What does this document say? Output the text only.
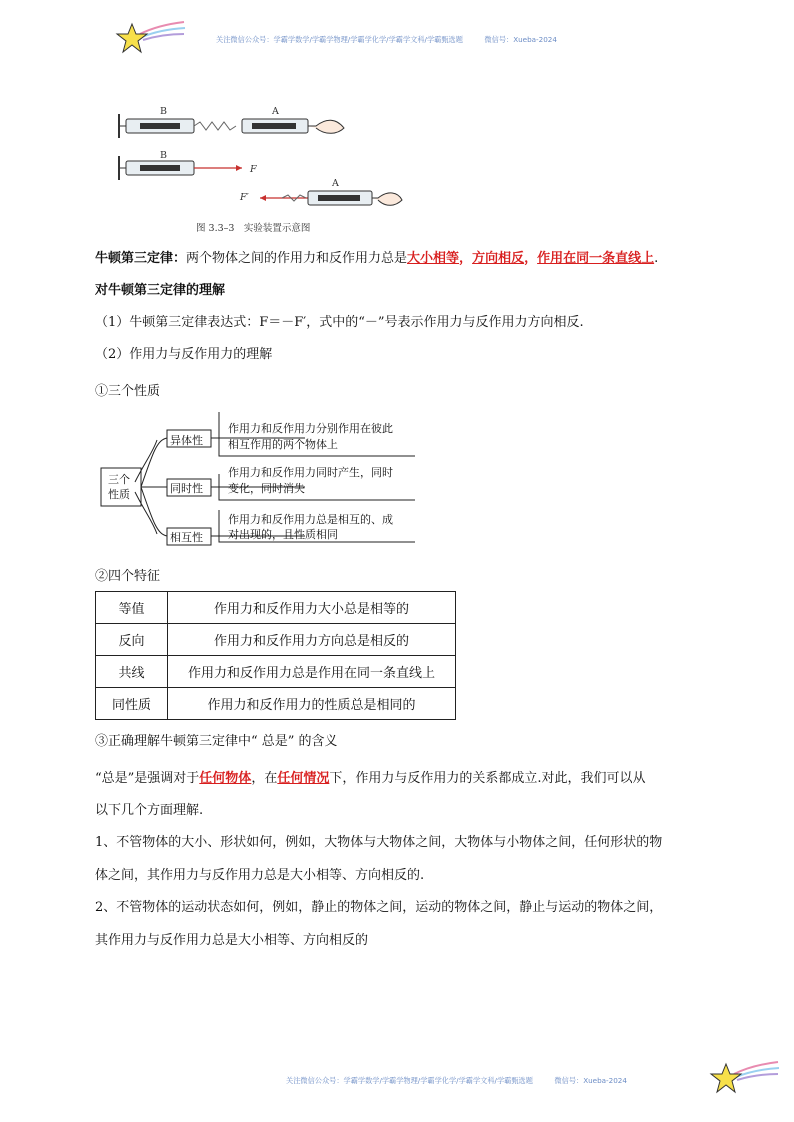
关注微信公众号：学霸学数学/学霸学物理/学霸学化学/学霸学文科/学霸甄选题　　　微信号：Xueba-2024
B	A
B
F
F′
A
图 3.3–3　实验装置示意图
牛顿第三定律：两个物体之间的作用力和反作用力总是大小相等，方向相反，作用在同一条直线上.
对牛顿第三定律的理解
（1）牛顿第三定律表达式：F＝－F′，式中的“－”号表示作用力与反作用力方向相反.
（2）作用力与反作用力的理解
①三个性质
三个
性质
异体性
作用力和反作用力分别作用在彼此
相互作用的两个物体上
同时性
作用力和反作用力同时产生，同时
变化，同时消失
相互性
作用力和反作用力总是相互的、成
对出现的，且性质相同
②四个特征
等值	作用力和反作用力大小总是相等的
反向	作用力和反作用力方向总是相反的
共线	作用力和反作用力总是作用在同一条直线上
同性质	作用力和反作用力的性质总是相同的
③正确理解牛顿第三定律中“ 总是” 的含义
“总是”是强调对于任何物体，在任何情况下，作用力与反作用力的关系都成立.对此，我们可以从
以下几个方面理解.
1、不管物体的大小、形状如何，例如，大物体与大物体之间，大物体与小物体之间，任何形状的物
体之间，其作用力与反作用力总是大小相等、方向相反的.
2、不管物体的运动状态如何，例如，静止的物体之间，运动的物体之间，静止与运动的物体之间，
其作用力与反作用力总是大小相等、方向相反的
关注微信公众号：学霸学数学/学霸学物理/学霸学化学/学霸学文科/学霸甄选题　　　微信号：Xueba-2024
